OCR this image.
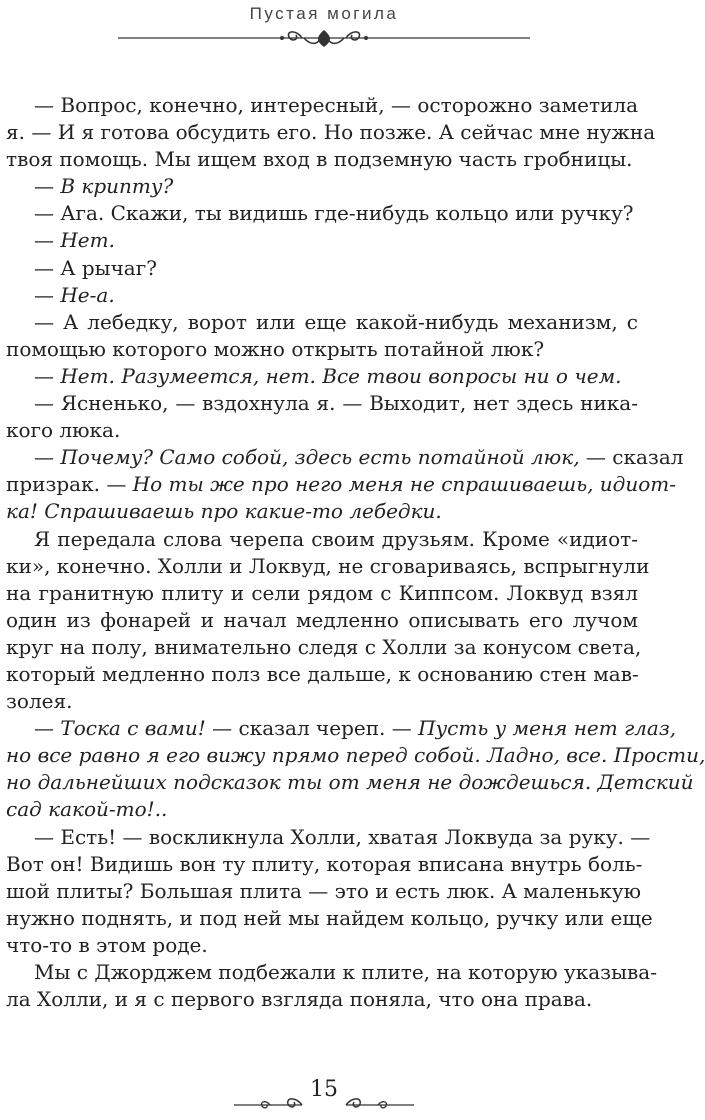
Пустая могила
— Вопрос, конечно, интересный, — осторожно заметила
я. — И я готова обсудить его. Но позже. А сейчас мне нужна
твоя помощь. Мы ищем вход в подземную часть гробницы.
— В крипту?
— Ага. Скажи, ты видишь где-нибудь кольцо или ручку?
— Нет.
— А рычаг?
— Не-а.
— А лебедку, ворот или еще какой-нибудь механизм, с
помощью которого можно открыть потайной люк?
— Нет. Разумеется, нет. Все твои вопросы ни о чем.
— Ясненько, — вздохнула я. — Выходит, нет здесь ника-
кого люка.
— Почему? Само собой, здесь есть потайной люк, — сказал
призрак. — Но ты же про него меня не спрашиваешь, идиот-
ка! Спрашиваешь про какие-то лебедки.
Я передала слова черепа своим друзьям. Кроме «идиот-
ки», конечно. Холли и Локвуд, не сговариваясь, вспрыгнули
на гранитную плиту и сели рядом с Киппсом. Локвуд взял
один из фонарей и начал медленно описывать его лучом
круг на полу, внимательно следя с Холли за конусом света,
который медленно полз все дальше, к основанию стен мав-
золея.
— Тоска с вами! — сказал череп. — Пусть у меня нет глаз,
но все равно я его вижу прямо перед собой. Ладно, все. Прости,
но дальнейших подсказок ты от меня не дождешься. Детский
сад какой-то!..
— Есть! — воскликнула Холли, хватая Локвуда за руку. —
Вот он! Видишь вон ту плиту, которая вписана внутрь боль-
шой плиты? Большая плита — это и есть люк. А маленькую
нужно поднять, и под ней мы найдем кольцо, ручку или еще
что-то в этом роде.
Мы с Джорджем подбежали к плите, на которую указыва-
ла Холли, и я с первого взгляда поняла, что она права.
15
